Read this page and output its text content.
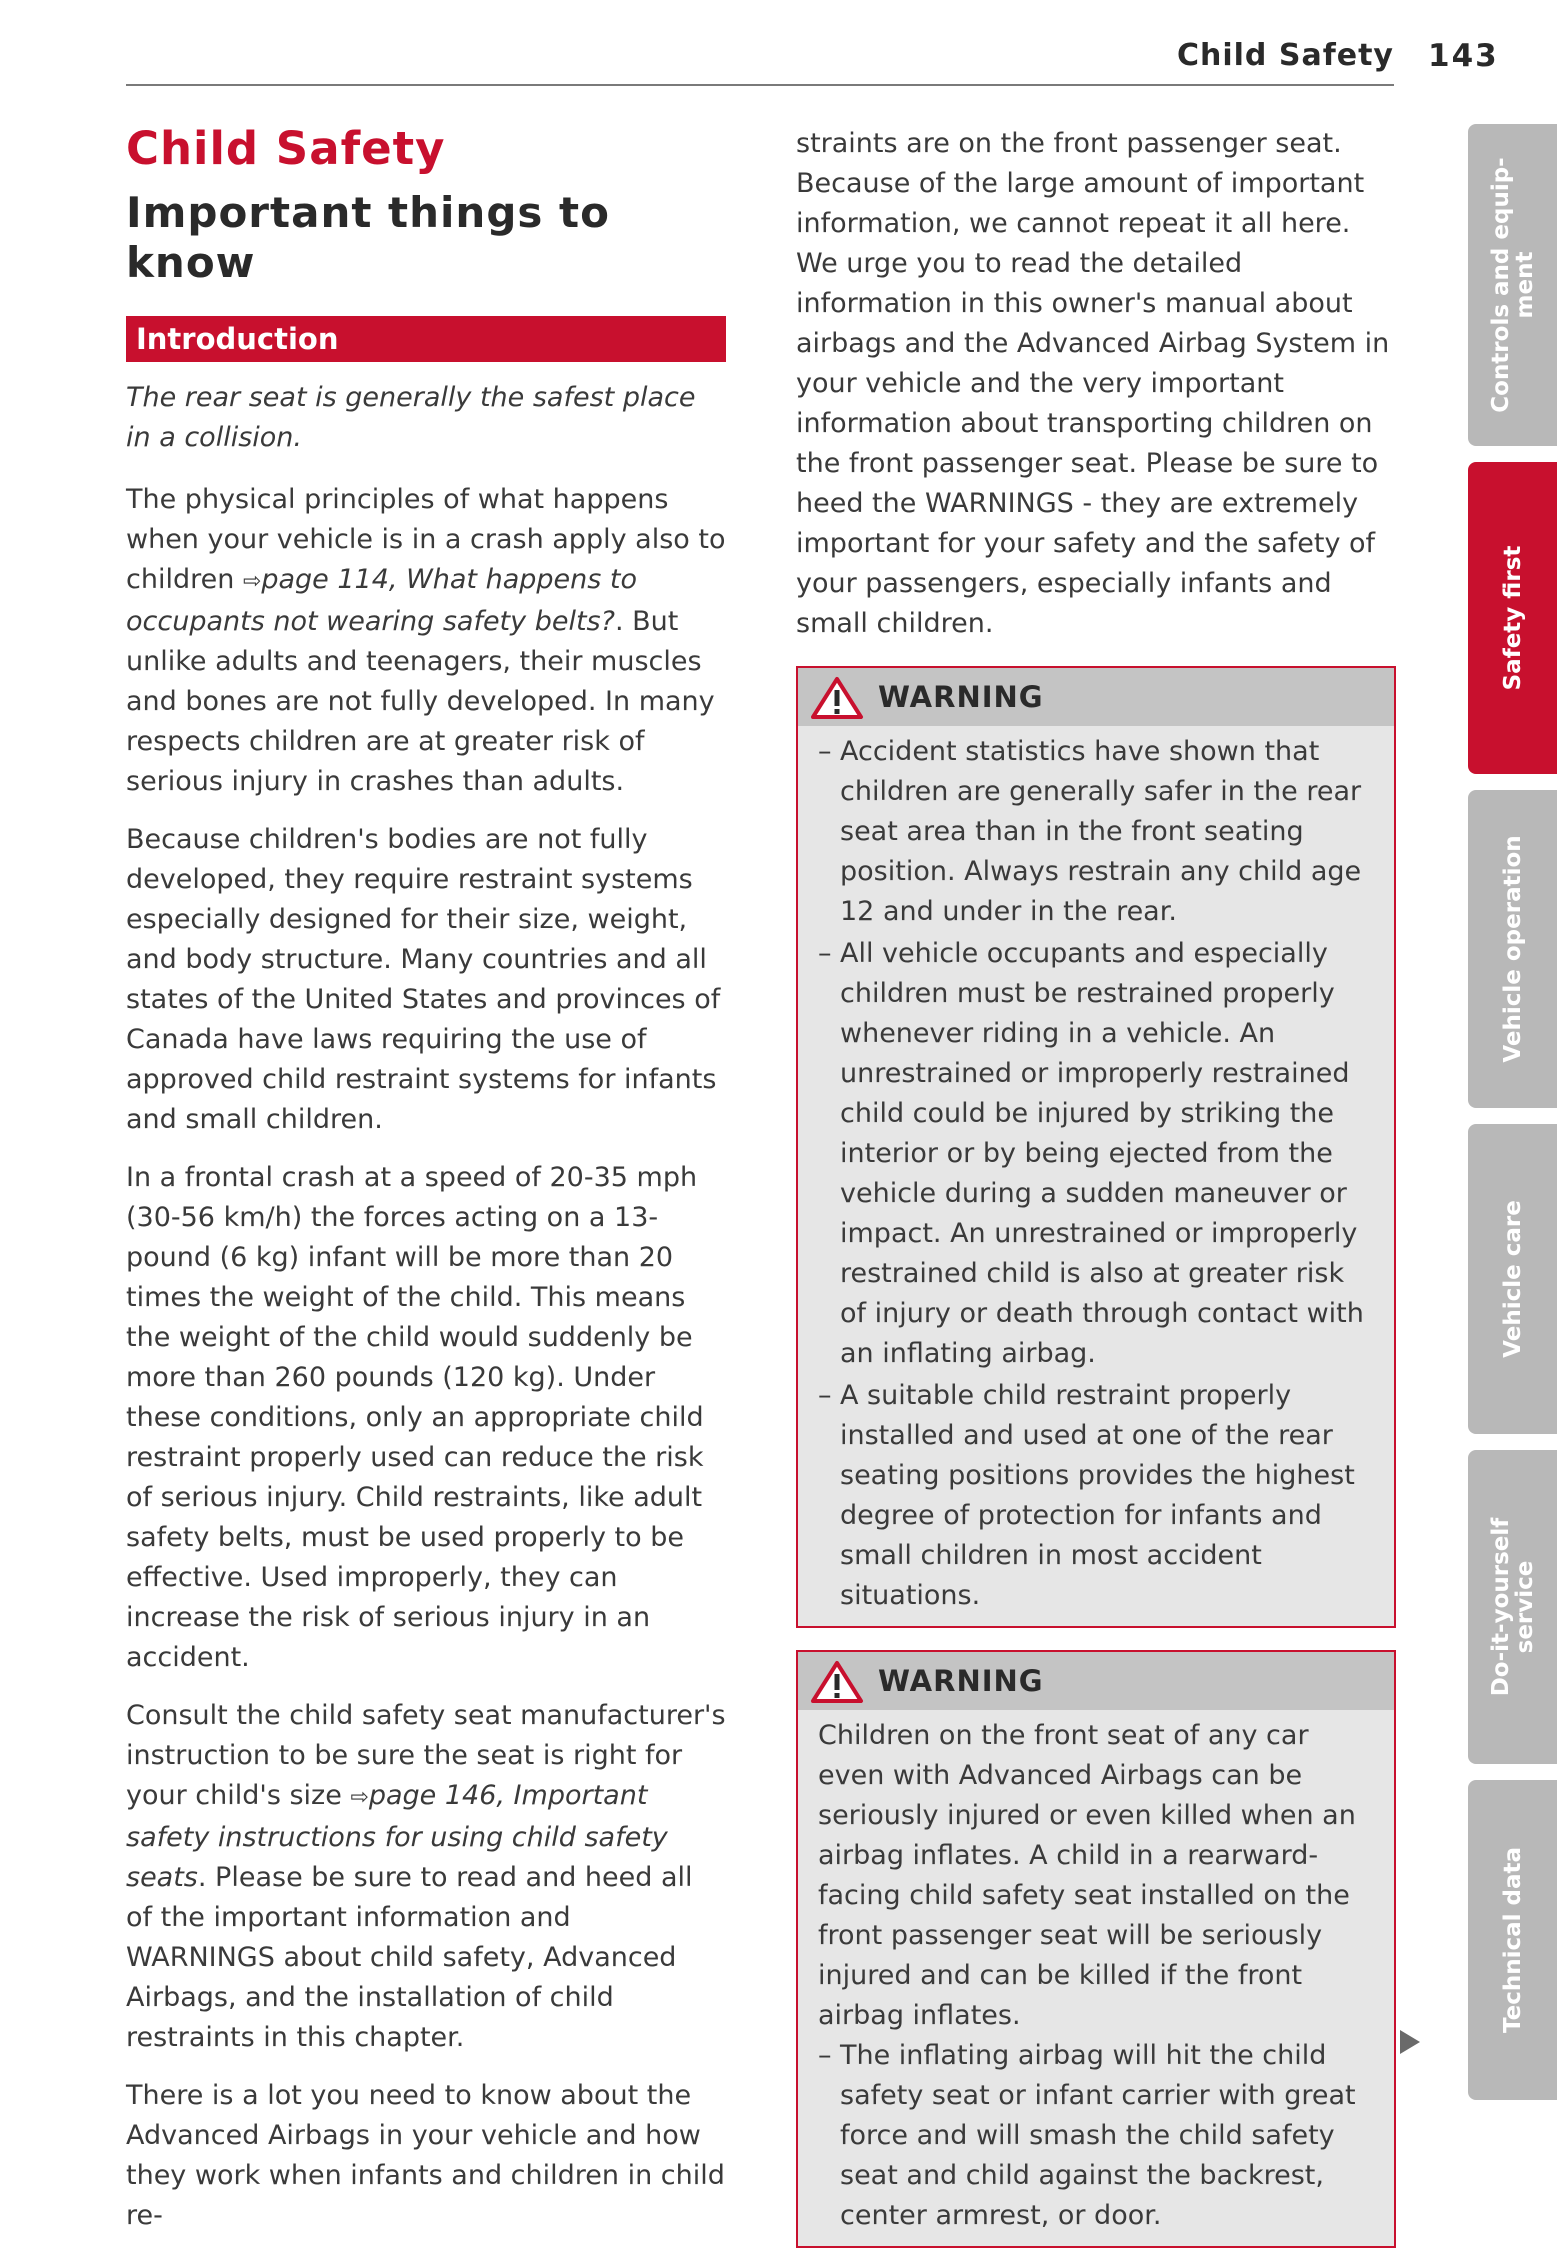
Child Safety 143
Child Safety
Important things to know
Introduction

The rear seat is generally the safest place in a collision.

The physical principles of what happens when your vehicle is in a crash apply also to children ⇨page 114, What happens to occupants not wearing safety belts?. But unlike adults and teenagers, their muscles and bones are not fully developed. In many respects children are at greater risk of serious injury in crashes than adults.

Because children's bodies are not fully developed, they require restraint systems especially designed for their size, weight, and body structure. Many countries and all states of the United States and provinces of Canada have laws requiring the use of approved child restraint systems for infants and small children.

In a frontal crash at a speed of 20-35 mph (30-56 km/h) the forces acting on a 13-pound (6 kg) infant will be more than 20 times the weight of the child. This means the weight of the child would suddenly be more than 260 pounds (120 kg). Under these conditions, only an appropriate child restraint properly used can reduce the risk of serious injury. Child restraints, like adult safety belts, must be used properly to be effective. Used improperly, they can increase the risk of serious injury in an accident.

Consult the child safety seat manufacturer's instruction to be sure the seat is right for your child's size ⇨page 146, Important safety instructions for using child safety seats. Please be sure to read and heed all of the important information and WARNINGS about child safety, Advanced Airbags, and the installation of child restraints in this chapter.

There is a lot you need to know about the Advanced Airbags in your vehicle and how they work when infants and children in child re-

straints are on the front passenger seat. Because of the large amount of important information, we cannot repeat it all here. We urge you to read the detailed information in this owner's manual about airbags and the Advanced Airbag System in your vehicle and the very important information about transporting children on the front passenger seat. Please be sure to heed the WARNINGS - they are extremely important for your safety and the safety of your passengers, especially infants and small children.

WARNING
– Accident statistics have shown that children are generally safer in the rear seat area than in the front seating position. Always restrain any child age 12 and under in the rear.
– All vehicle occupants and especially children must be restrained properly whenever riding in a vehicle. An unrestrained or improperly restrained child could be injured by striking the interior or by being ejected from the vehicle during a sudden maneuver or impact. An unrestrained or improperly restrained child is also at greater risk of injury or death through contact with an inflating airbag.
– A suitable child restraint properly installed and used at one of the rear seating positions provides the highest degree of protection for infants and small children in most accident situations.
WARNING

Children on the front seat of any car even with Advanced Airbags can be seriously injured or even killed when an airbag inflates. A child in a rearward-facing child safety seat installed on the front passenger seat will be seriously injured and can be killed if the front airbag inflates.

– The inflating airbag will hit the child safety seat or infant carrier with great force and will smash the child safety seat and child against the backrest, center armrest, or door.
Controls and equip-
ment
Safety first
Vehicle operation
Vehicle care
Do-it-yourself
service
Technical data
